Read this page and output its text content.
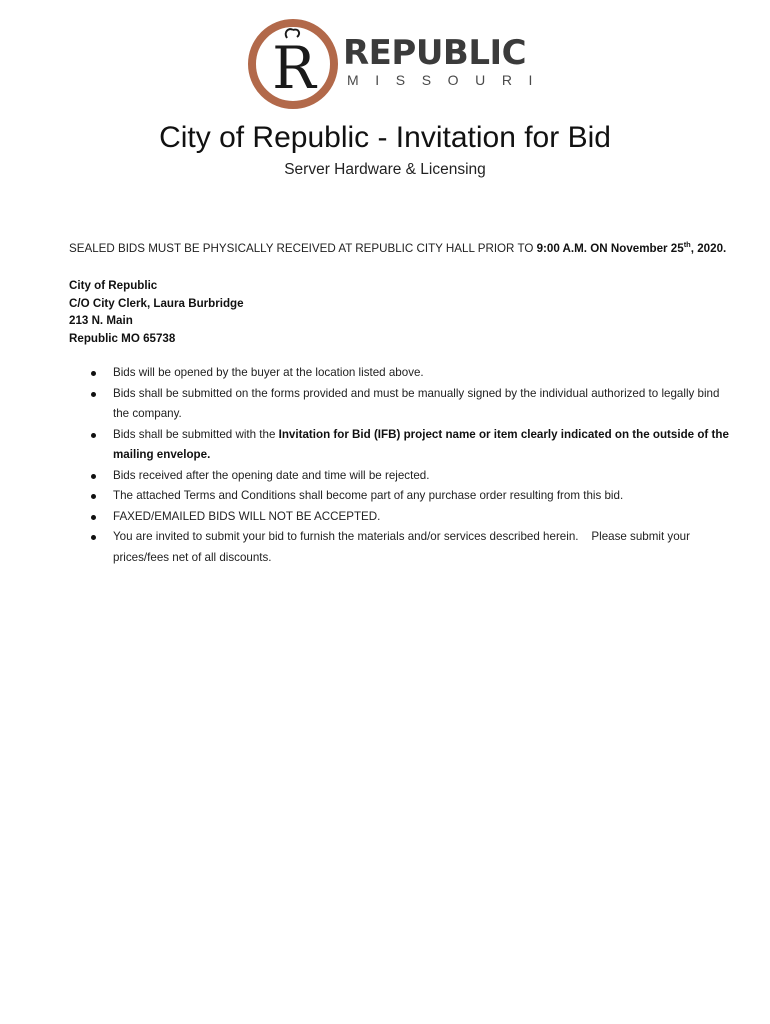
R REPUBLIC
MISSOURI
City of Republic - Invitation for Bid
Server Hardware & Licensing
SEALED BIDS MUST BE PHYSICALLY RECEIVED AT REPUBLIC CITY HALL PRIOR TO 9:00 A.M. ON November 25th, 2020.
City of Republic
C/O City Clerk, Laura Burbridge
213 N. Main
Republic MO 65738
Bids will be opened by the buyer at the location listed above.
Bids shall be submitted on the forms provided and must be manually signed by the individual authorized to legally bind the company.
Bids shall be submitted with the Invitation for Bid (IFB) project name or item clearly indicated on the outside of the mailing envelope.
Bids received after the opening date and time will be rejected.
The attached Terms and Conditions shall become part of any purchase order resulting from this bid.
FAXED/EMAILED BIDS WILL NOT BE ACCEPTED.
You are invited to submit your bid to furnish the materials and/or services described herein.    Please submit your prices/fees net of all discounts.
